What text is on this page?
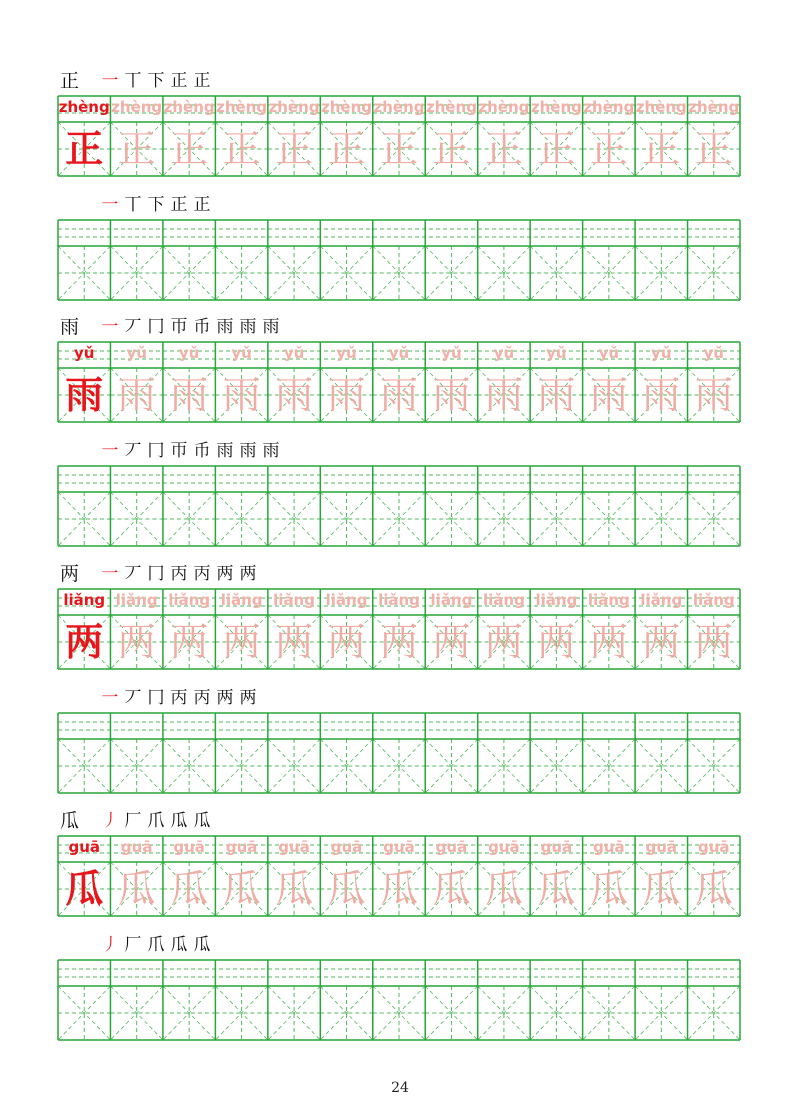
正 一 丅 下 正 正
zhèng
正
zhèng
正
zhèng
正
zhèng
正
zhèng
正
zhèng
正
zhèng
正
zhèng
正
zhèng
正
zhèng
正
zhèng
正
zhèng
正
zhèng
正
一 丅 下 正 正
雨 一 丆 冂 帀 币 雨 雨 雨
yǔ
雨
yǔ
雨
yǔ
雨
yǔ
雨
yǔ
雨
yǔ
雨
yǔ
雨
yǔ
雨
yǔ
雨
yǔ
雨
yǔ
雨
yǔ
雨
yǔ
雨
一 丆 冂 帀 币 雨 雨 雨
两 一 丆 冂 丙 丙 两 两
liǎng
两
liǎng
两
liǎng
两
liǎng
两
liǎng
两
liǎng
两
liǎng
两
liǎng
两
liǎng
两
liǎng
两
liǎng
两
liǎng
两
liǎng
两
一 丆 冂 丙 丙 两 两
瓜 丿 厂 爪 瓜 瓜
guā
瓜
guā
瓜
guā
瓜
guā
瓜
guā
瓜
guā
瓜
guā
瓜
guā
瓜
guā
瓜
guā
瓜
guā
瓜
guā
瓜
guā
瓜
丿 厂 爪 瓜 瓜
24
